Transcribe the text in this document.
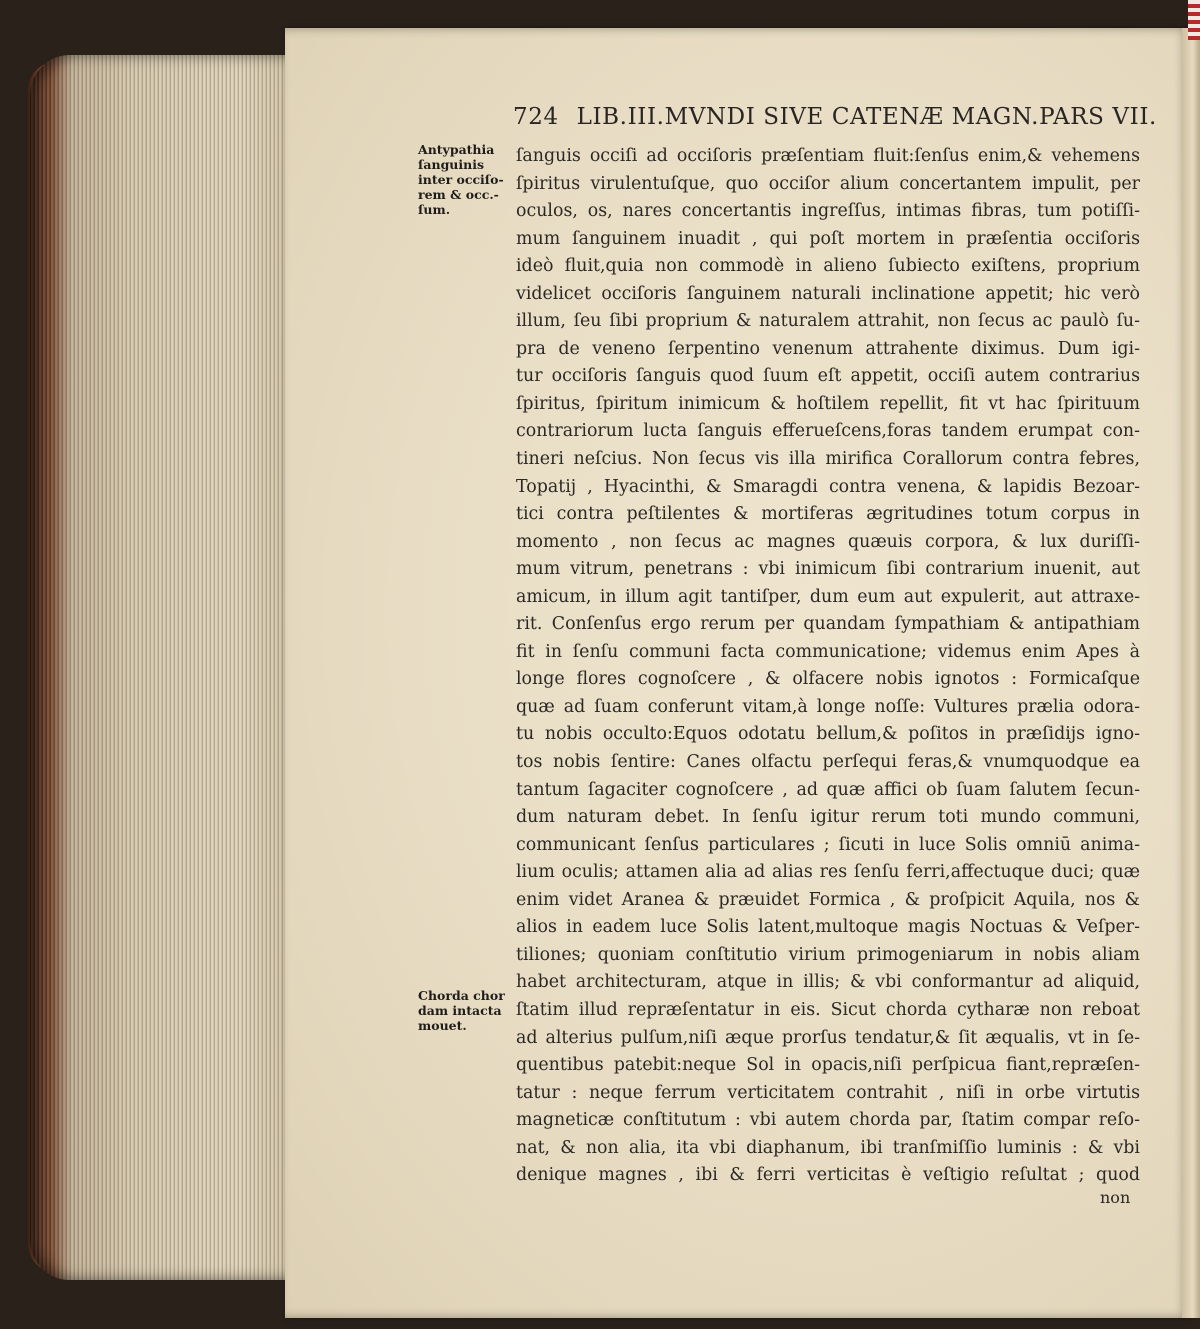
724 LIB.III.MVNDI SIVE CATENÆ MAGN.PARS VII.
Antypathia
ſanguinis
inter occiſo-
rem & occ.-
ſum.
Chorda chor
dam intacta
mouet.
ſanguis occiſi ad occiſoris præſentiam fluit:ſenſus enim,& vehemens
ſpiritus virulentuſque, quo occiſor alium concertantem impulit, per
oculos, os, nares concertantis ingreſſus, intimas fibras, tum potiſſi-
mum ſanguinem inuadit , qui poſt mortem in præſentia occiſoris
ideò fluit,quia non commodè in alieno ſubiecto exiſtens, proprium
videlicet occiſoris ſanguinem naturali inclinatione appetit; hic verò
illum, ſeu ſibi proprium & naturalem attrahit, non ſecus ac paulò ſu-
pra de veneno ſerpentino venenum attrahente diximus. Dum igi-
tur occiſoris ſanguis quod ſuum eſt appetit, occiſi autem contrarius
ſpiritus, ſpiritum inimicum & hoſtilem repellit, fit vt hac ſpirituum
contrariorum lucta ſanguis efferueſcens,foras tandem erumpat con-
tineri neſcius. Non ſecus vis illa mirifica Corallorum contra febres,
Topatij , Hyacinthi, & Smaragdi contra venena, & lapidis Bezoar-
tici contra peſtilentes & mortiferas ægritudines totum corpus in
momento , non ſecus ac magnes quæuis corpora, & lux duriſſi-
mum vitrum, penetrans : vbi inimicum ſibi contrarium inuenit, aut
amicum, in illum agit tantiſper, dum eum aut expulerit, aut attraxe-
rit. Conſenſus ergo rerum per quandam ſympathiam & antipathiam
fit in ſenſu communi facta communicatione; videmus enim Apes à
longe flores cognoſcere , & olfacere nobis ignotos : Formicaſque
quæ ad ſuam conferunt vitam,à longe noſſe: Vultures prælia odora-
tu nobis occulto:Equos odotatu bellum,& poſitos in præſidijs igno-
tos nobis ſentire: Canes olfactu perſequi feras,& vnumquodque ea
tantum ſagaciter cognoſcere , ad quæ affici ob ſuam ſalutem ſecun-
dum naturam debet. In ſenſu igitur rerum toti mundo communi,
communicant ſenſus particulares ; ſicuti in luce Solis omniū anima-
lium oculis; attamen alia ad alias res ſenſu ferri,affectuque duci; quæ
enim videt Aranea & præuidet Formica , & proſpicit Aquila, nos &
alios in eadem luce Solis latent,multoque magis Noctuas & Veſper-
tiliones; quoniam conſtitutio virium primogeniarum in nobis aliam
habet architecturam, atque in illis; & vbi conformantur ad aliquid,
ſtatim illud repræſentatur in eis. Sicut chorda cytharæ non reboat
ad alterius pulſum,niſi æque prorſus tendatur,& ſit æqualis, vt in ſe-
quentibus patebit:neque Sol in opacis,niſi perſpicua fiant,repræſen-
tatur : neque ferrum verticitatem contrahit , niſi in orbe virtutis
magneticæ conſtitutum : vbi autem chorda par, ſtatim compar reſo-
nat, & non alia, ita vbi diaphanum, ibi tranſmiſſio luminis : & vbi
denique magnes , ibi & ferri verticitas è veſtigio reſultat ; quod
non
